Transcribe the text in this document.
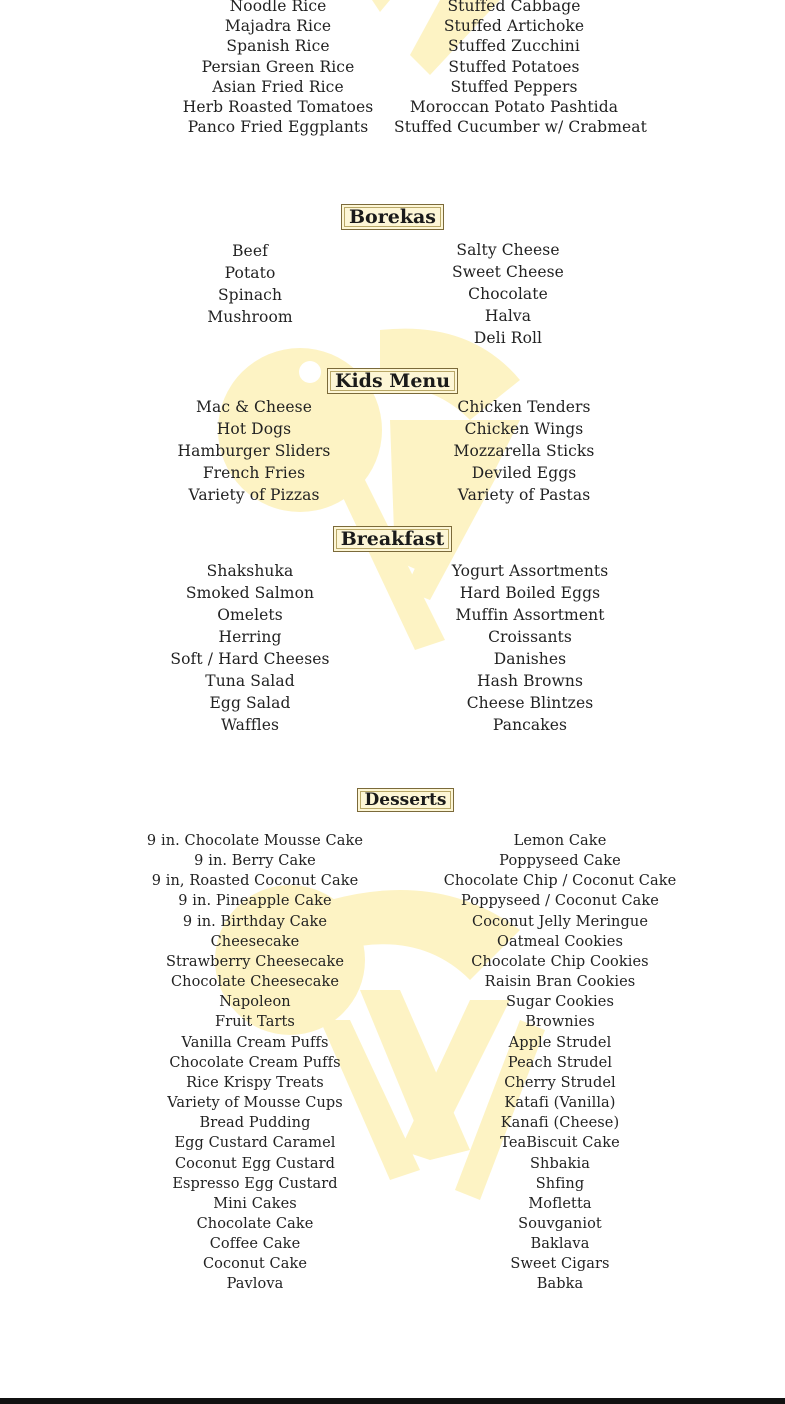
Noodle Rice
Majadra Rice
Spanish Rice
Persian Green Rice
Asian Fried Rice
Herb Roasted Tomatoes
Panco Fried Eggplants
Stuffed Cabbage
Stuffed Artichoke
Stuffed Zucchini
Stuffed Potatoes
Stuffed Peppers
Moroccan Potato Pashtida
Stuffed Cucumber w/ Crabmeat
Borekas
Beef
Potato
Spinach
Mushroom
Salty Cheese
Sweet Cheese
Chocolate
Halva
Deli Roll
Kids Menu
Mac & Cheese
Hot Dogs
Hamburger Sliders
French Fries
Variety of Pizzas
Chicken Tenders
Chicken Wings
Mozzarella Sticks
Deviled Eggs
Variety of Pastas
Breakfast
Shakshuka
Smoked Salmon
Omelets
Herring
Soft / Hard Cheeses
Tuna Salad
Egg Salad
Waffles
Yogurt Assortments
Hard Boiled Eggs
Muffin Assortment
Croissants
Danishes
Hash Browns
Cheese Blintzes
Pancakes
Desserts
9 in. Chocolate Mousse Cake
9 in. Berry Cake
9 in, Roasted Coconut Cake
9 in. Pineapple Cake
9 in. Birthday Cake
Cheesecake
Strawberry Cheesecake
Chocolate Cheesecake
Napoleon
Fruit Tarts
Vanilla Cream Puffs
Chocolate Cream Puffs
Rice Krispy Treats
Variety of Mousse Cups
Bread Pudding
Egg Custard Caramel
Coconut Egg Custard
Espresso Egg Custard
Mini Cakes
Chocolate Cake
Coffee Cake
Coconut Cake
Pavlova
Lemon Cake
Poppyseed Cake
Chocolate Chip / Coconut Cake
Poppyseed / Coconut Cake
Coconut Jelly Meringue
Oatmeal Cookies
Chocolate Chip Cookies
Raisin Bran Cookies
Sugar Cookies
Brownies
Apple Strudel
Peach Strudel
Cherry Strudel
Katafi (Vanilla)
Kanafi (Cheese)
TeaBiscuit Cake
Shbakia
Shfing
Mofletta
Souvganiot
Baklava
Sweet Cigars
Babka
